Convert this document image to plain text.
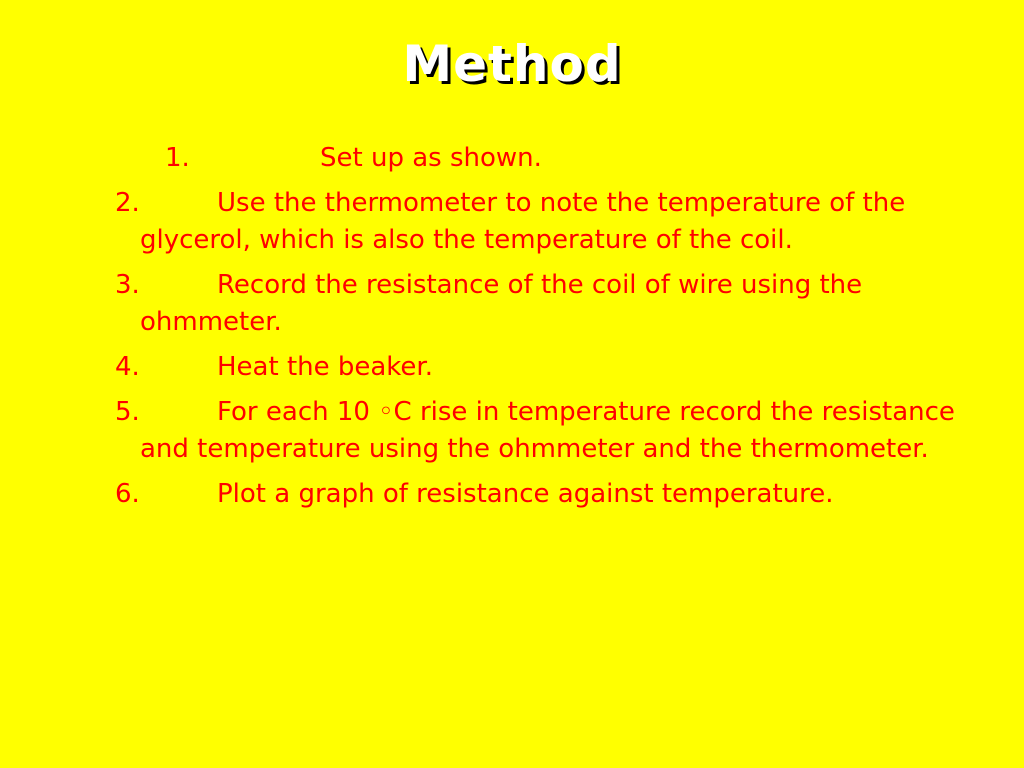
Method
1.	Set up as shown.
2.	Use the thermometer to note the temperature of the glycerol, which is also the temperature of the coil.
3.	Record the resistance of the coil of wire using the ohmmeter.
4.	Heat the beaker.
5.	For each 10 ◦C rise in temperature record the resistance and temperature using the ohmmeter and the thermometer.
6.	Plot a graph of resistance against temperature.
